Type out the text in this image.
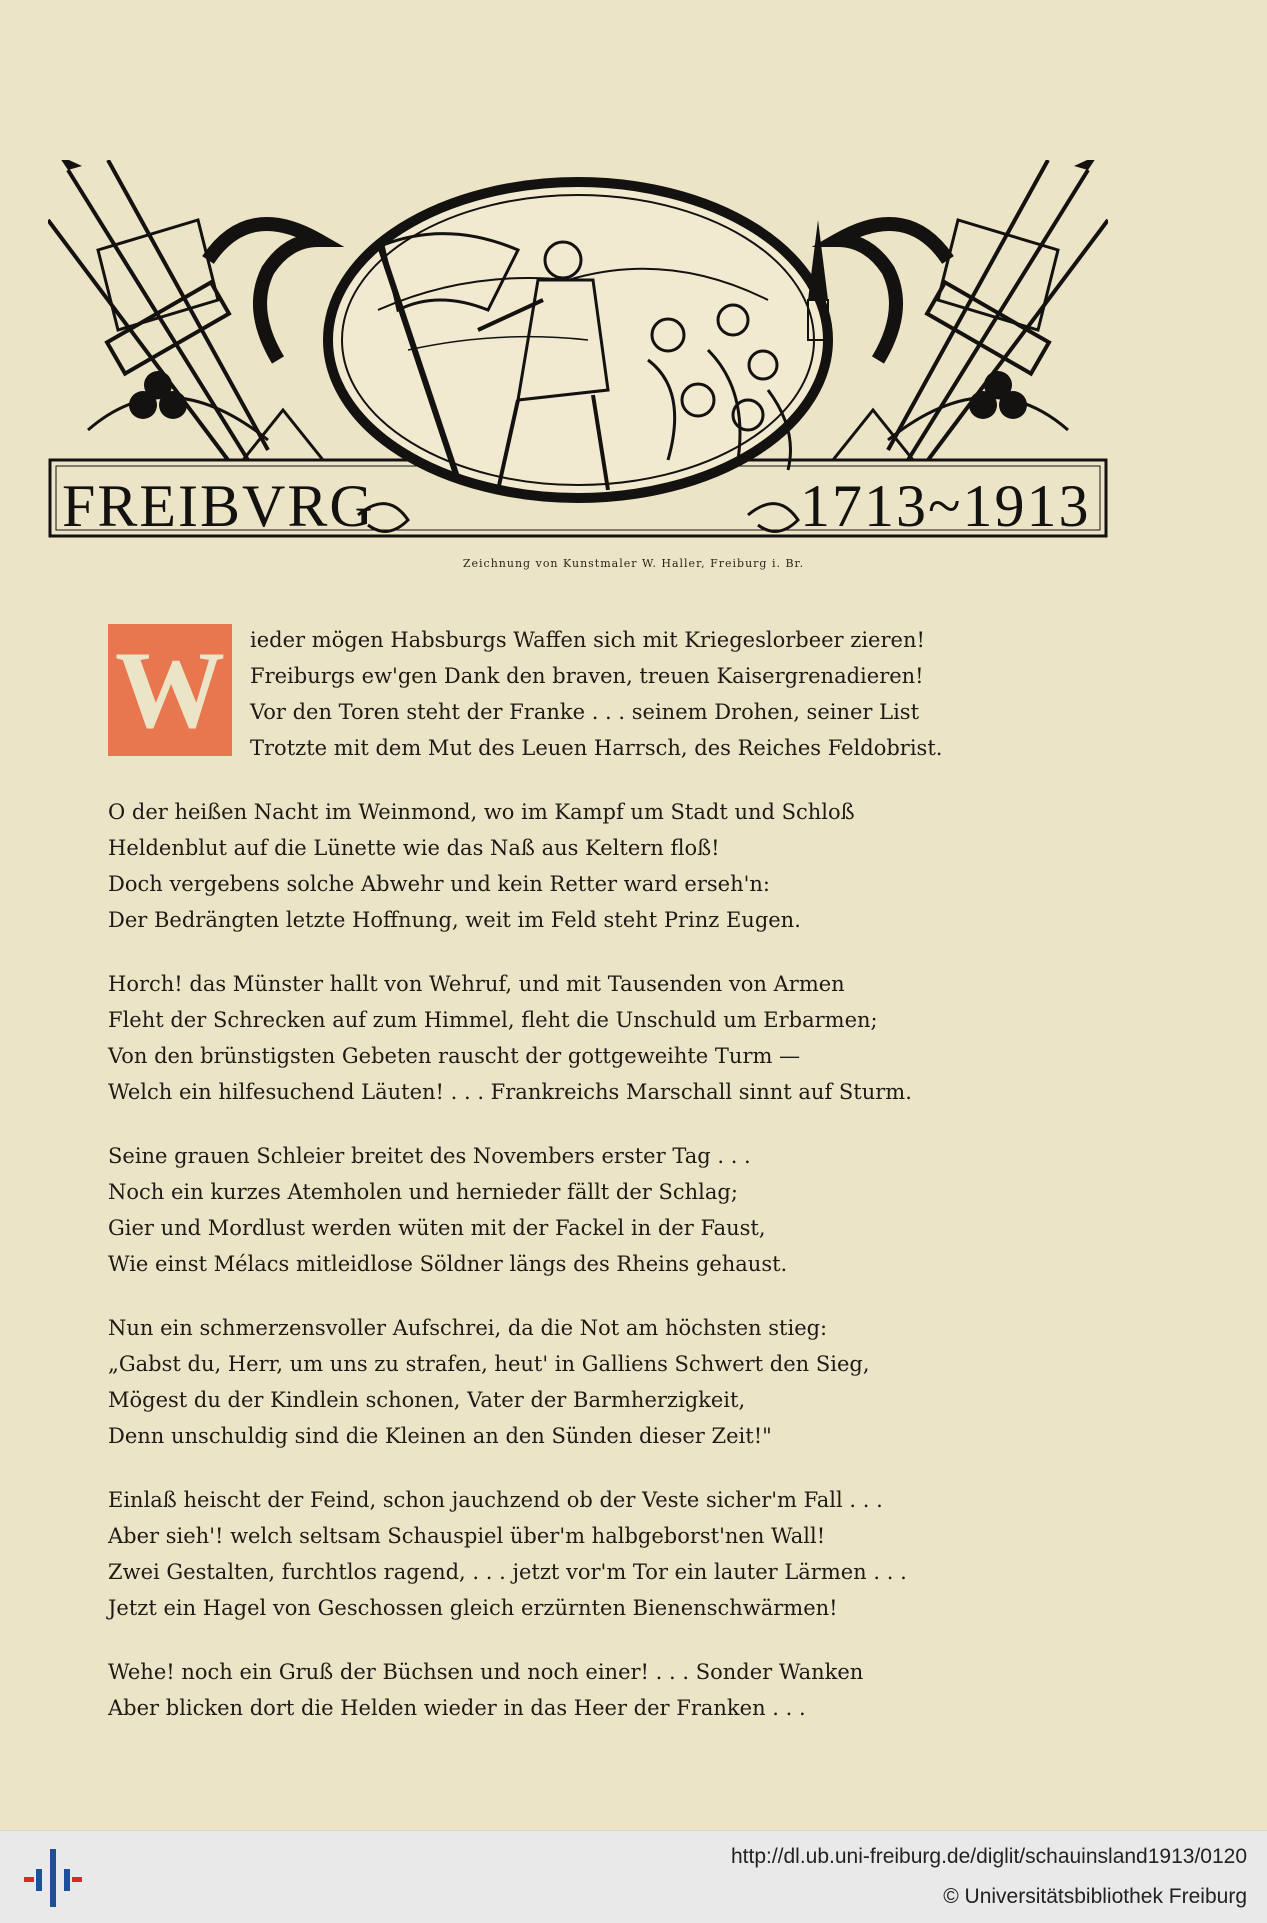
FREIBVRG	1713~1913
Zeichnung von Kunstmaler W. Haller, Freiburg i. Br.
W	ieder mögen Habsburgs Waffen sich mit Kriegeslorbeer zieren!
Freiburgs ew'gen Dank den braven, treuen Kaisergrenadieren!
Vor den Toren steht der Franke . . . seinem Drohen, seiner List
Trotzte mit dem Mut des Leuen Harrsch, des Reiches Feldobrist.
O der heißen Nacht im Weinmond, wo im Kampf um Stadt und Schloß
Heldenblut auf die Lünette wie das Naß aus Keltern floß!
Doch vergebens solche Abwehr und kein Retter ward erseh'n:
Der Bedrängten letzte Hoffnung, weit im Feld steht Prinz Eugen.
Horch! das Münster hallt von Wehruf, und mit Tausenden von Armen
Fleht der Schrecken auf zum Himmel, fleht die Unschuld um Erbarmen;
Von den brünstigsten Gebeten rauscht der gottgeweihte Turm —
Welch ein hilfesuchend Läuten! . . . Frankreichs Marschall sinnt auf Sturm.
Seine grauen Schleier breitet des Novembers erster Tag . . .
Noch ein kurzes Atemholen und hernieder fällt der Schlag;
Gier und Mordlust werden wüten mit der Fackel in der Faust,
Wie einst Mélacs mitleidlose Söldner längs des Rheins gehaust.
Nun ein schmerzensvoller Aufschrei, da die Not am höchsten stieg:
„Gabst du, Herr, um uns zu strafen, heut' in Galliens Schwert den Sieg,
Mögest du der Kindlein schonen, Vater der Barmherzigkeit,
Denn unschuldig sind die Kleinen an den Sünden dieser Zeit!"
Einlaß heischt der Feind, schon jauchzend ob der Veste sicher'm Fall . . .
Aber sieh'! welch seltsam Schauspiel über'm halbgeborst'nen Wall!
Zwei Gestalten, furchtlos ragend, . . . jetzt vor'm Tor ein lauter Lärmen . . .
Jetzt ein Hagel von Geschossen gleich erzürnten Bienenschwärmen!
Wehe! noch ein Gruß der Büchsen und noch einer! . . . Sonder Wanken
Aber blicken dort die Helden wieder in das Heer der Franken . . .
http://dl.ub.uni-freiburg.de/diglit/schauinsland1913/0120
© Universitätsbibliothek Freiburg
